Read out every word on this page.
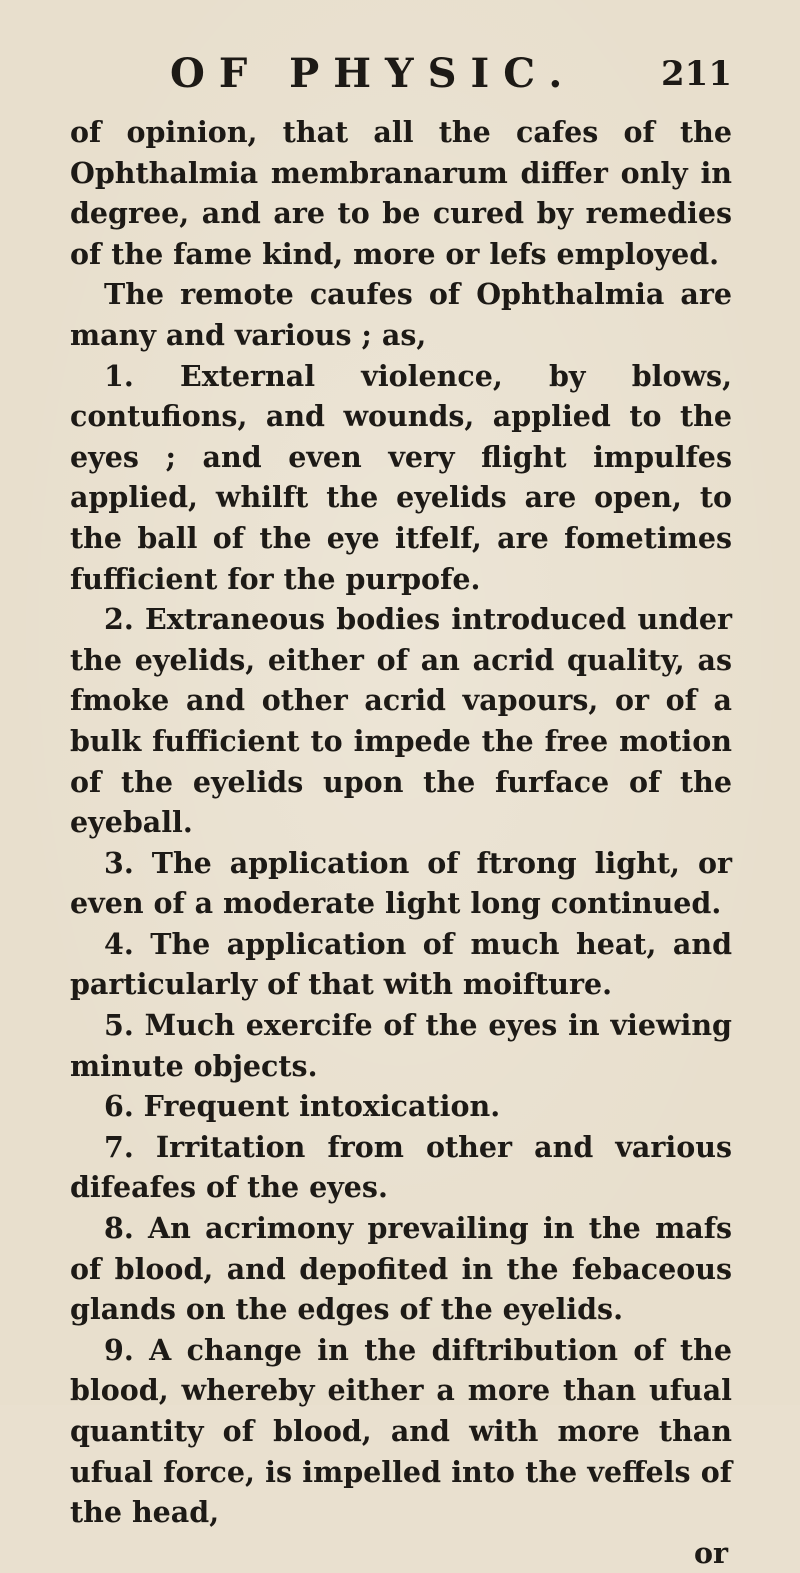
OF PHYSIC. 211

of opinion, that all the cafes of the Ophthalmia membranarum differ only in degree, and are to be cured by remedies of the fame kind, more or lefs employed.

The remote caufes of Ophthalmia are many and various ; as,

1. External violence, by blows, contufions, and wounds, applied to the eyes ; and even very flight impulfes applied, whilft the eyelids are open, to the ball of the eye itfelf, are fometimes fufficient for the purpofe.

2. Extraneous bodies introduced under the eyelids, either of an acrid quality, as fmoke and other acrid vapours, or of a bulk fufficient to impede the free motion of the eyelids upon the furface of the eyeball.

3. The application of ftrong light, or even of a moderate light long continued.

4. The application of much heat, and particularly of that with moifture.

5. Much exercife of the eyes in viewing minute objects.

6. Frequent intoxication.

7. Irritation from other and various difeafes of the eyes.

8. An acrimony prevailing in the mafs of blood, and depofited in the febaceous glands on the edges of the eyelids.

9. A change in the diftribution of the blood, whereby either a more than ufual quantity of blood, and with more than ufual force, is impelled into the veffels of the head,

or
